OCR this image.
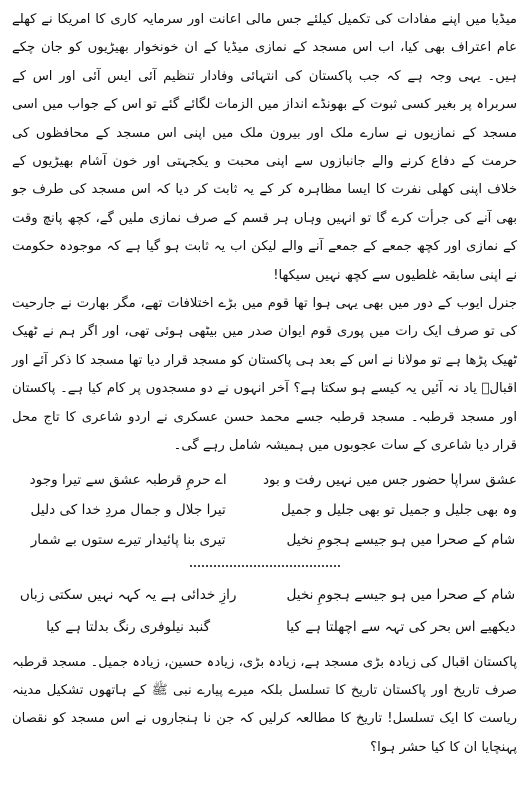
میڈیا میں اپنے مفادات کی تکمیل کیلئے جس مالی اعانت اور سرمایہ کاری کا امریکا نے کھلے عام اعتراف بھی کیا، اب اس مسجد کے نمازی میڈیا کے ان خونخوار بھیڑیوں کو جان چکے ہیں۔ یہی وجہ ہے کہ جب پاکستان کی انتہائی وفادار تنظیم آئی ایس آئی اور اس کے سربراہ پر بغیر کسی ثبوت کے بھونڈے انداز میں الزمات لگائے گئے تو اس کے جواب میں اسی مسجد کے نمازیوں نے سارے ملک اور بیرون ملک میں اپنی اس مسجد کے محافظوں کی حرمت کے دفاع کرنے والے جانبازوں سے اپنی محبت و یکجہتی اور خون آشام بھیڑیوں کے خلاف اپنی کھلی نفرت کا ایسا مظاہرہ کر کے یہ ثابت کر دیا کہ اس مسجد کی طرف جو بھی آنے کی جرأت کرے گا تو انہیں وہاں ہر قسم کے صرف نمازی ملیں گے، کچھ پانچ وقت کے نمازی اور کچھ جمعے کے جمعے آنے والے لیکن اب یہ ثابت ہو گیا ہے کہ موجودہ حکومت نے اپنی سابقہ غلطیوں سے کچھ نہیں سیکھا!

جنرل ایوب کے دور میں بھی یہی ہوا تھا قوم میں بڑے اختلافات تھے، مگر بھارت نے جارحیت کی تو صرف ایک رات میں پوری قوم ایوان صدر میں بیٹھی ہوئی تھی، اور اگر ہم نے ٹھیک ٹھیک پڑھا ہے تو مولانا نے اس کے بعد ہی پاکستان کو مسجد قرار دیا تھا مسجد کا ذکر آئے اور اقبالؒ یاد نہ آئیں یہ کیسے ہو سکتا ہے؟ آخر انہوں نے دو مسجدوں پر کام کیا ہے۔ پاکستان اور مسجد قرطبہ۔ مسجد قرطبہ جسے محمد حسن عسکری نے اردو شاعری کا تاج محل قرار دیا شاعری کے سات عجوبوں میں ہمیشہ شامل رہے گی۔

اے حرمِ قرطبہ عشق سے تیرا وجود	عشق سراپا حضور جس میں نہیں رفت و بود
تیرا جلال و جمال مردِ خدا کی دلیل	وہ بھی جلیل و جمیل تو بھی جلیل و جمیل
تیری بنا پائیدار تیرے ستوں بے شمار	شام کے صحرا میں ہو جیسے ہجومِ نخیل
رازِ خدائی ہے یہ کہہ نہیں سکتی زباں	شام کے صحرا میں ہو جیسے ہجومِ نخیل
گنبد نیلوفری رنگ بدلتا ہے کیا	دیکھیے اس بحر کی تہہ سے اچھلتا ہے کیا

پاکستان اقبال کی زیادہ بڑی مسجد ہے، زیادہ بڑی، زیادہ حسین، زیادہ جمیل۔ مسجد قرطبہ صرف تاریخ اور پاکستان تاریخ کا تسلسل بلکہ میرے پیارے نبی ﷺ کے ہاتھوں تشکیل مدینہ ریاست کا ایک تسلسل! تاریخ کا مطالعہ کرلیں کہ جن نا ہنجاروں نے اس مسجد کو نقصان پہنچایا ان کا کیا حشر ہوا؟
